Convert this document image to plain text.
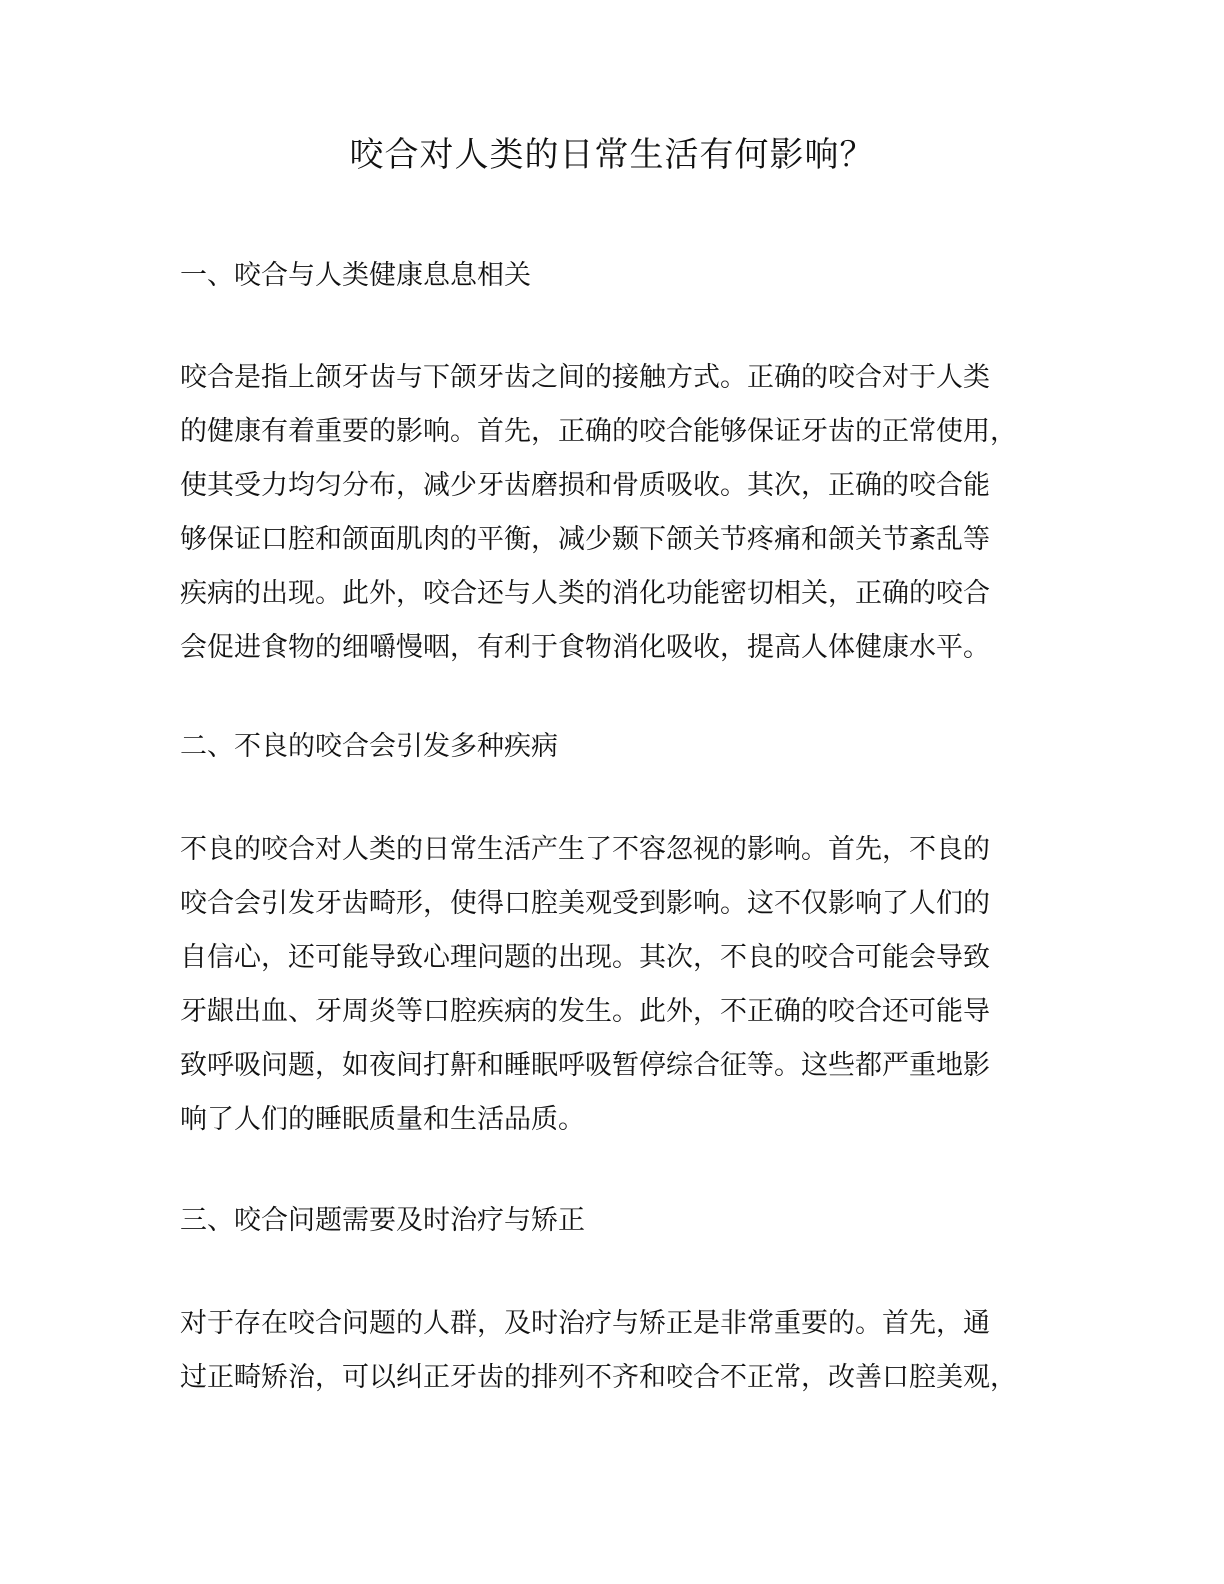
咬合对人类的日常生活有何影响？
一、咬合与人类健康息息相关
咬合是指上颌牙齿与下颌牙齿之间的接触方式。正确的咬合对于人类
的健康有着重要的影响。首先，正确的咬合能够保证牙齿的正常使用，
使其受力均匀分布，减少牙齿磨损和骨质吸收。其次，正确的咬合能
够保证口腔和颌面肌肉的平衡，减少颞下颌关节疼痛和颌关节紊乱等
疾病的出现。此外，咬合还与人类的消化功能密切相关，正确的咬合
会促进食物的细嚼慢咽，有利于食物消化吸收，提高人体健康水平。
二、不良的咬合会引发多种疾病
不良的咬合对人类的日常生活产生了不容忽视的影响。首先，不良的
咬合会引发牙齿畸形，使得口腔美观受到影响。这不仅影响了人们的
自信心，还可能导致心理问题的出现。其次，不良的咬合可能会导致
牙龈出血、牙周炎等口腔疾病的发生。此外，不正确的咬合还可能导
致呼吸问题，如夜间打鼾和睡眠呼吸暂停综合征等。这些都严重地影
响了人们的睡眠质量和生活品质。
三、咬合问题需要及时治疗与矫正
对于存在咬合问题的人群，及时治疗与矫正是非常重要的。首先，通
过正畸矫治，可以纠正牙齿的排列不齐和咬合不正常，改善口腔美观，
